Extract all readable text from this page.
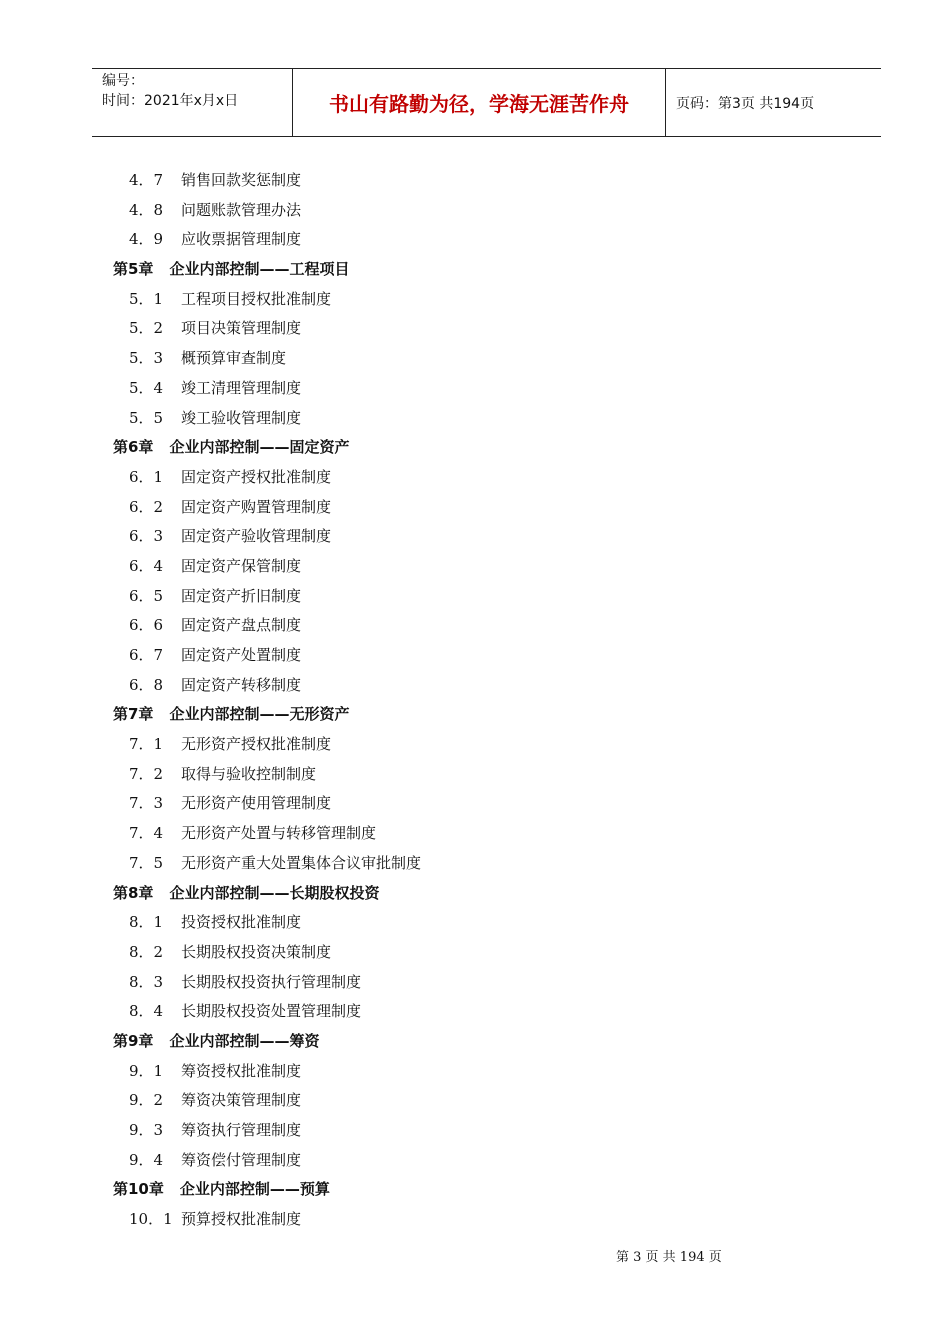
编号：
时间：2021年x月x日	书山有路勤为径，学海无涯苦作舟	页码：第3页 共194页
4．7 销售回款奖惩制度
4．8 问题账款管理办法
4．9 应收票据管理制度
第5章 企业内部控制——工程项目
5．1 工程项目授权批准制度
5．2 项目决策管理制度
5．3 概预算审查制度
5．4 竣工清理管理制度
5．5 竣工验收管理制度
第6章 企业内部控制——固定资产
6．1 固定资产授权批准制度
6．2 固定资产购置管理制度
6．3 固定资产验收管理制度
6．4 固定资产保管制度
6．5 固定资产折旧制度
6．6 固定资产盘点制度
6．7 固定资产处置制度
6．8 固定资产转移制度
第7章 企业内部控制——无形资产
7．1 无形资产授权批准制度
7．2 取得与验收控制制度
7．3 无形资产使用管理制度
7．4 无形资产处置与转移管理制度
7．5 无形资产重大处置集体合议审批制度
第8章 企业内部控制——长期股权投资
8．1 投资授权批准制度
8．2 长期股权投资决策制度
8．3 长期股权投资执行管理制度
8．4 长期股权投资处置管理制度
第9章 企业内部控制——筹资
9．1 筹资授权批准制度
9．2 筹资决策管理制度
9．3 筹资执行管理制度
9．4 筹资偿付管理制度
第10章 企业内部控制——预算
10．1 预算授权批准制度
第 3 页 共 194 页
